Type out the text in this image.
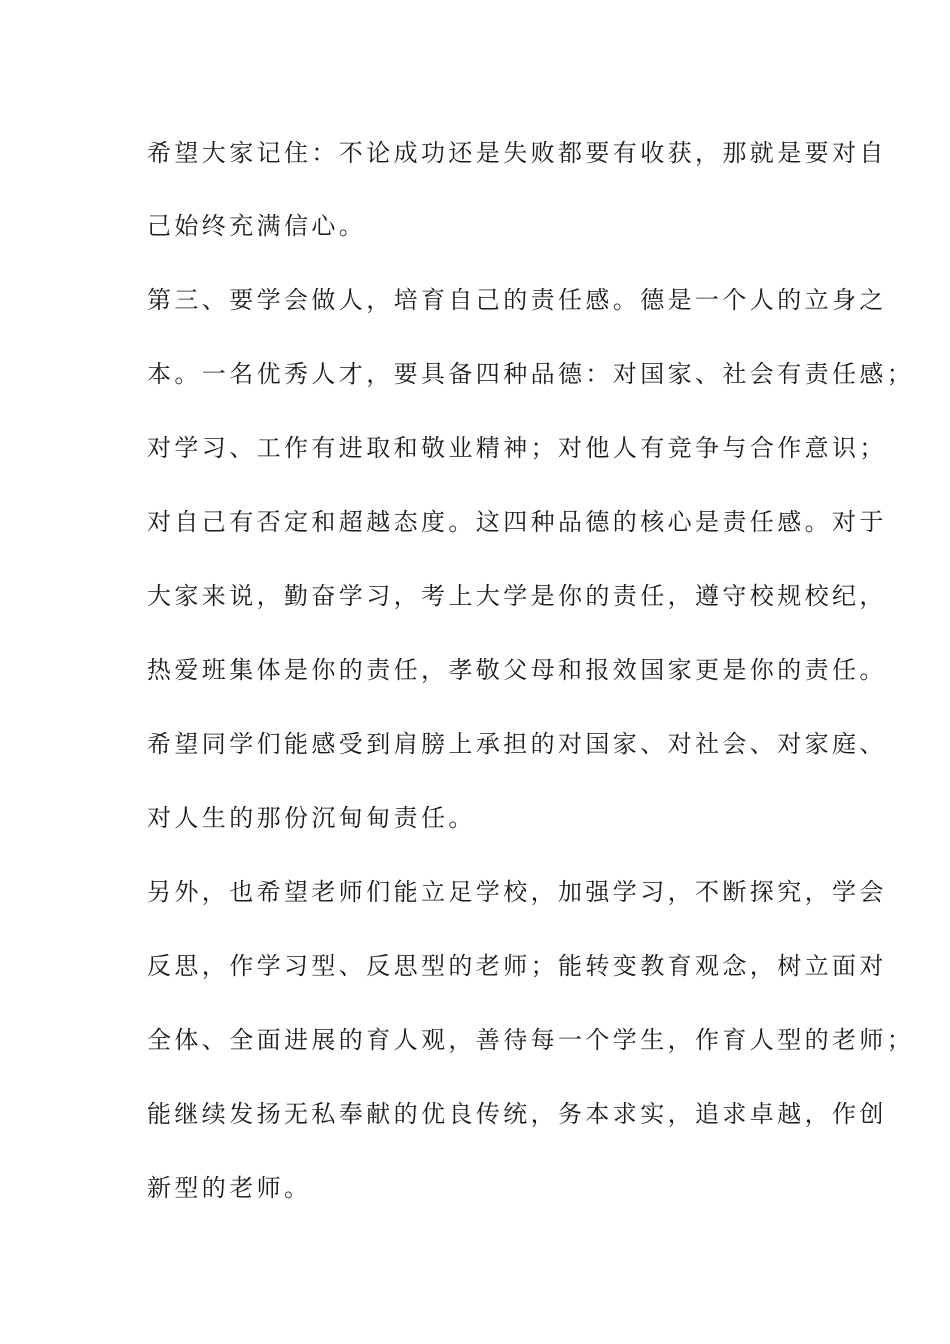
希望大家记住：不论成功还是失败都要有收获，那就是要对自

己始终充满信心。

第三、要学会做人，培育自己的责任感。德是一个人的立身之

本。一名优秀人才，要具备四种品德：对国家、社会有责任感；

对学习、工作有进取和敬业精神；对他人有竞争与合作意识；

对自己有否定和超越态度。这四种品德的核心是责任感。对于

大家来说，勤奋学习，考上大学是你的责任，遵守校规校纪，

热爱班集体是你的责任，孝敬父母和报效国家更是你的责任。

希望同学们能感受到肩膀上承担的对国家、对社会、对家庭、

对人生的那份沉甸甸责任。

另外，也希望老师们能立足学校，加强学习，不断探究，学会

反思，作学习型、反思型的老师；能转变教育观念，树立面对

全体、全面进展的育人观，善待每一个学生，作育人型的老师；

能继续发扬无私奉献的优良传统，务本求实，追求卓越，作创

新型的老师。
